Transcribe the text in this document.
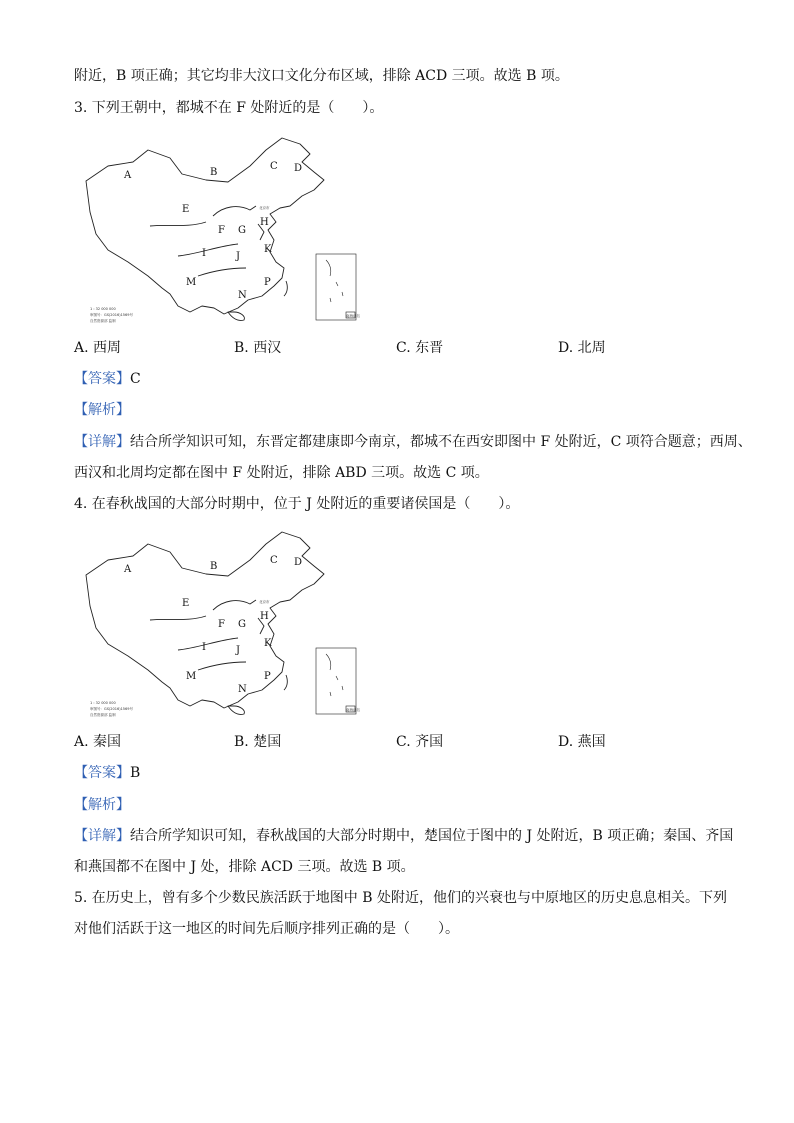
附近，B 项正确；其它均非大汶口文化分布区域，排除 ACD 三项。故选 B 项。
3. 下列王朝中，都城不在 F 处附近的是（　　）。
北京市
1 : 32 000 000
审图号：GS(2016)1569号
自然资源部 监制
南海诸岛
A	B
C D
E
F G
H
I	J
K
M
N
P
A. 西周	B. 西汉	C. 东晋	D. 北周
【答案】C
【解析】
【详解】结合所学知识可知，东晋定都建康即今南京，都城不在西安即图中 F 处附近，C 项符合题意；西周、
西汉和北周均定都在图中 F 处附近，排除 ABD 三项。故选 C 项。
4. 在春秋战国的大部分时期中，位于 J 处附近的重要诸侯国是（　　）。
北京市
1 : 32 000 000
审图号：GS(2016)1569号
自然资源部 监制
南海诸岛
A	B
C D
E
F G
H
I	J
K
M
N
P
A. 秦国	B. 楚国	C. 齐国	D. 燕国
【答案】B
【解析】
【详解】结合所学知识可知，春秋战国的大部分时期中，楚国位于图中的 J 处附近，B 项正确；秦国、齐国
和燕国都不在图中 J 处，排除 ACD 三项。故选 B 项。
5. 在历史上，曾有多个少数民族活跃于地图中 B 处附近，他们的兴衰也与中原地区的历史息息相关。下列
对他们活跃于这一地区的时间先后顺序排列正确的是（　　）。
